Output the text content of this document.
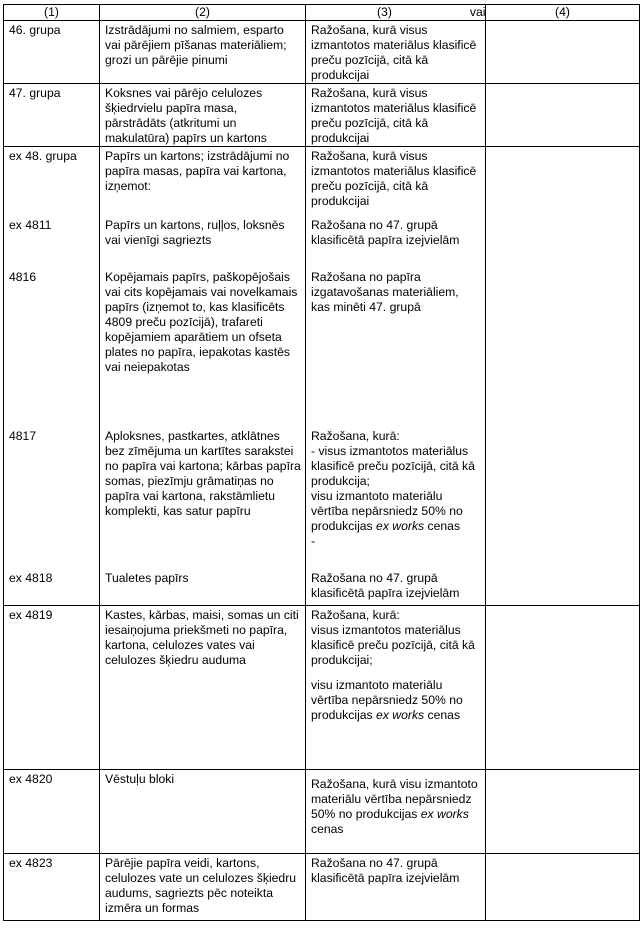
(1)	(2)	(3) vai	(4)
46. grupa	Izstrādājumi no salmiem, esparto vai pārējiem pīšanas materiāliem; grozi un pārējie pinumi	Ražošana, kurā visus izmantotos materiālus klasificē preču pozīcijā, citā kā produkcijai	
47. grupa	Koksnes vai pārējo celulozes šķiedrvielu papīra masa, pārstrādāts (atkritumi un makulatūra) papīrs un kartons	Ražošana, kurā visus izmantotos materiālus klasificē preču pozīcijā, citā kā produkcijai	
ex 48. grupa	Papīrs un kartons; izstrādājumi no papīra masas, papīra vai kartona, izņemot:	Ražošana, kurā visus izmantotos materiālus klasificē preču pozīcijā, citā kā produkcijai	
ex 4811	Papīrs un kartons, ruļļos, loksnēs vai vienīgi sagriezts	Ražošana no 47. grupā klasificētā papīra izejvielām	
4816	Kopējamais papīrs, paškopējošais vai cits kopējamais vai novelkamais papīrs (izņemot to, kas klasificēts 4809 preču pozīcijā), trafareti kopējamiem aparātiem un ofseta plates no papīra, iepakotas kastēs vai neiepakotas	Ražošana no papīra izgatavošanas materiāliem, kas minēti 47. grupā	
4817	Aploksnes, pastkartes, atklātnes bez zīmējuma un kartītes sarakstei no papīra vai kartona; kārbas papīra somas, piezīmju grāmatiņas no papīra vai kartona, rakstāmlietu komplekti, kas satur papīru	Ražošana, kurā:

- visus izmantotos materiālus klasificē preču pozīcijā, citā kā produkcija;

visu izmantoto materiālu vērtība nepārsniedz 50% no produkcijas ex works cenas

-	

ex 4818	Tualetes papīrs	Ražošana no 47. grupā klasificētā papīra izejvielām	
ex 4819	Kastes, kārbas, maisi, somas un citi iesaiņojuma priekšmeti no papīra, kartona, celulozes vates vai celulozes šķiedru auduma	Ražošana, kurā:

visus izmantotos materiālus klasificē preču pozīcijā, citā kā produkcijai;

visu izmantoto materiālu vērtība nepārsniedz 50% no produkcijas ex works cenas	

ex 4820	Vēstuļu bloki	Ražošana, kurā visu izmantoto materiālu vērtība nepārsniedz 50% no produkcijas ex works cenas	
ex 4823	Pārējie papīra veidi, kartons, celulozes vate un celulozes šķiedru audums, sagriezts pēc noteikta izmēra un formas	Ražošana no 47. grupā klasificētā papīra izejvielām	
